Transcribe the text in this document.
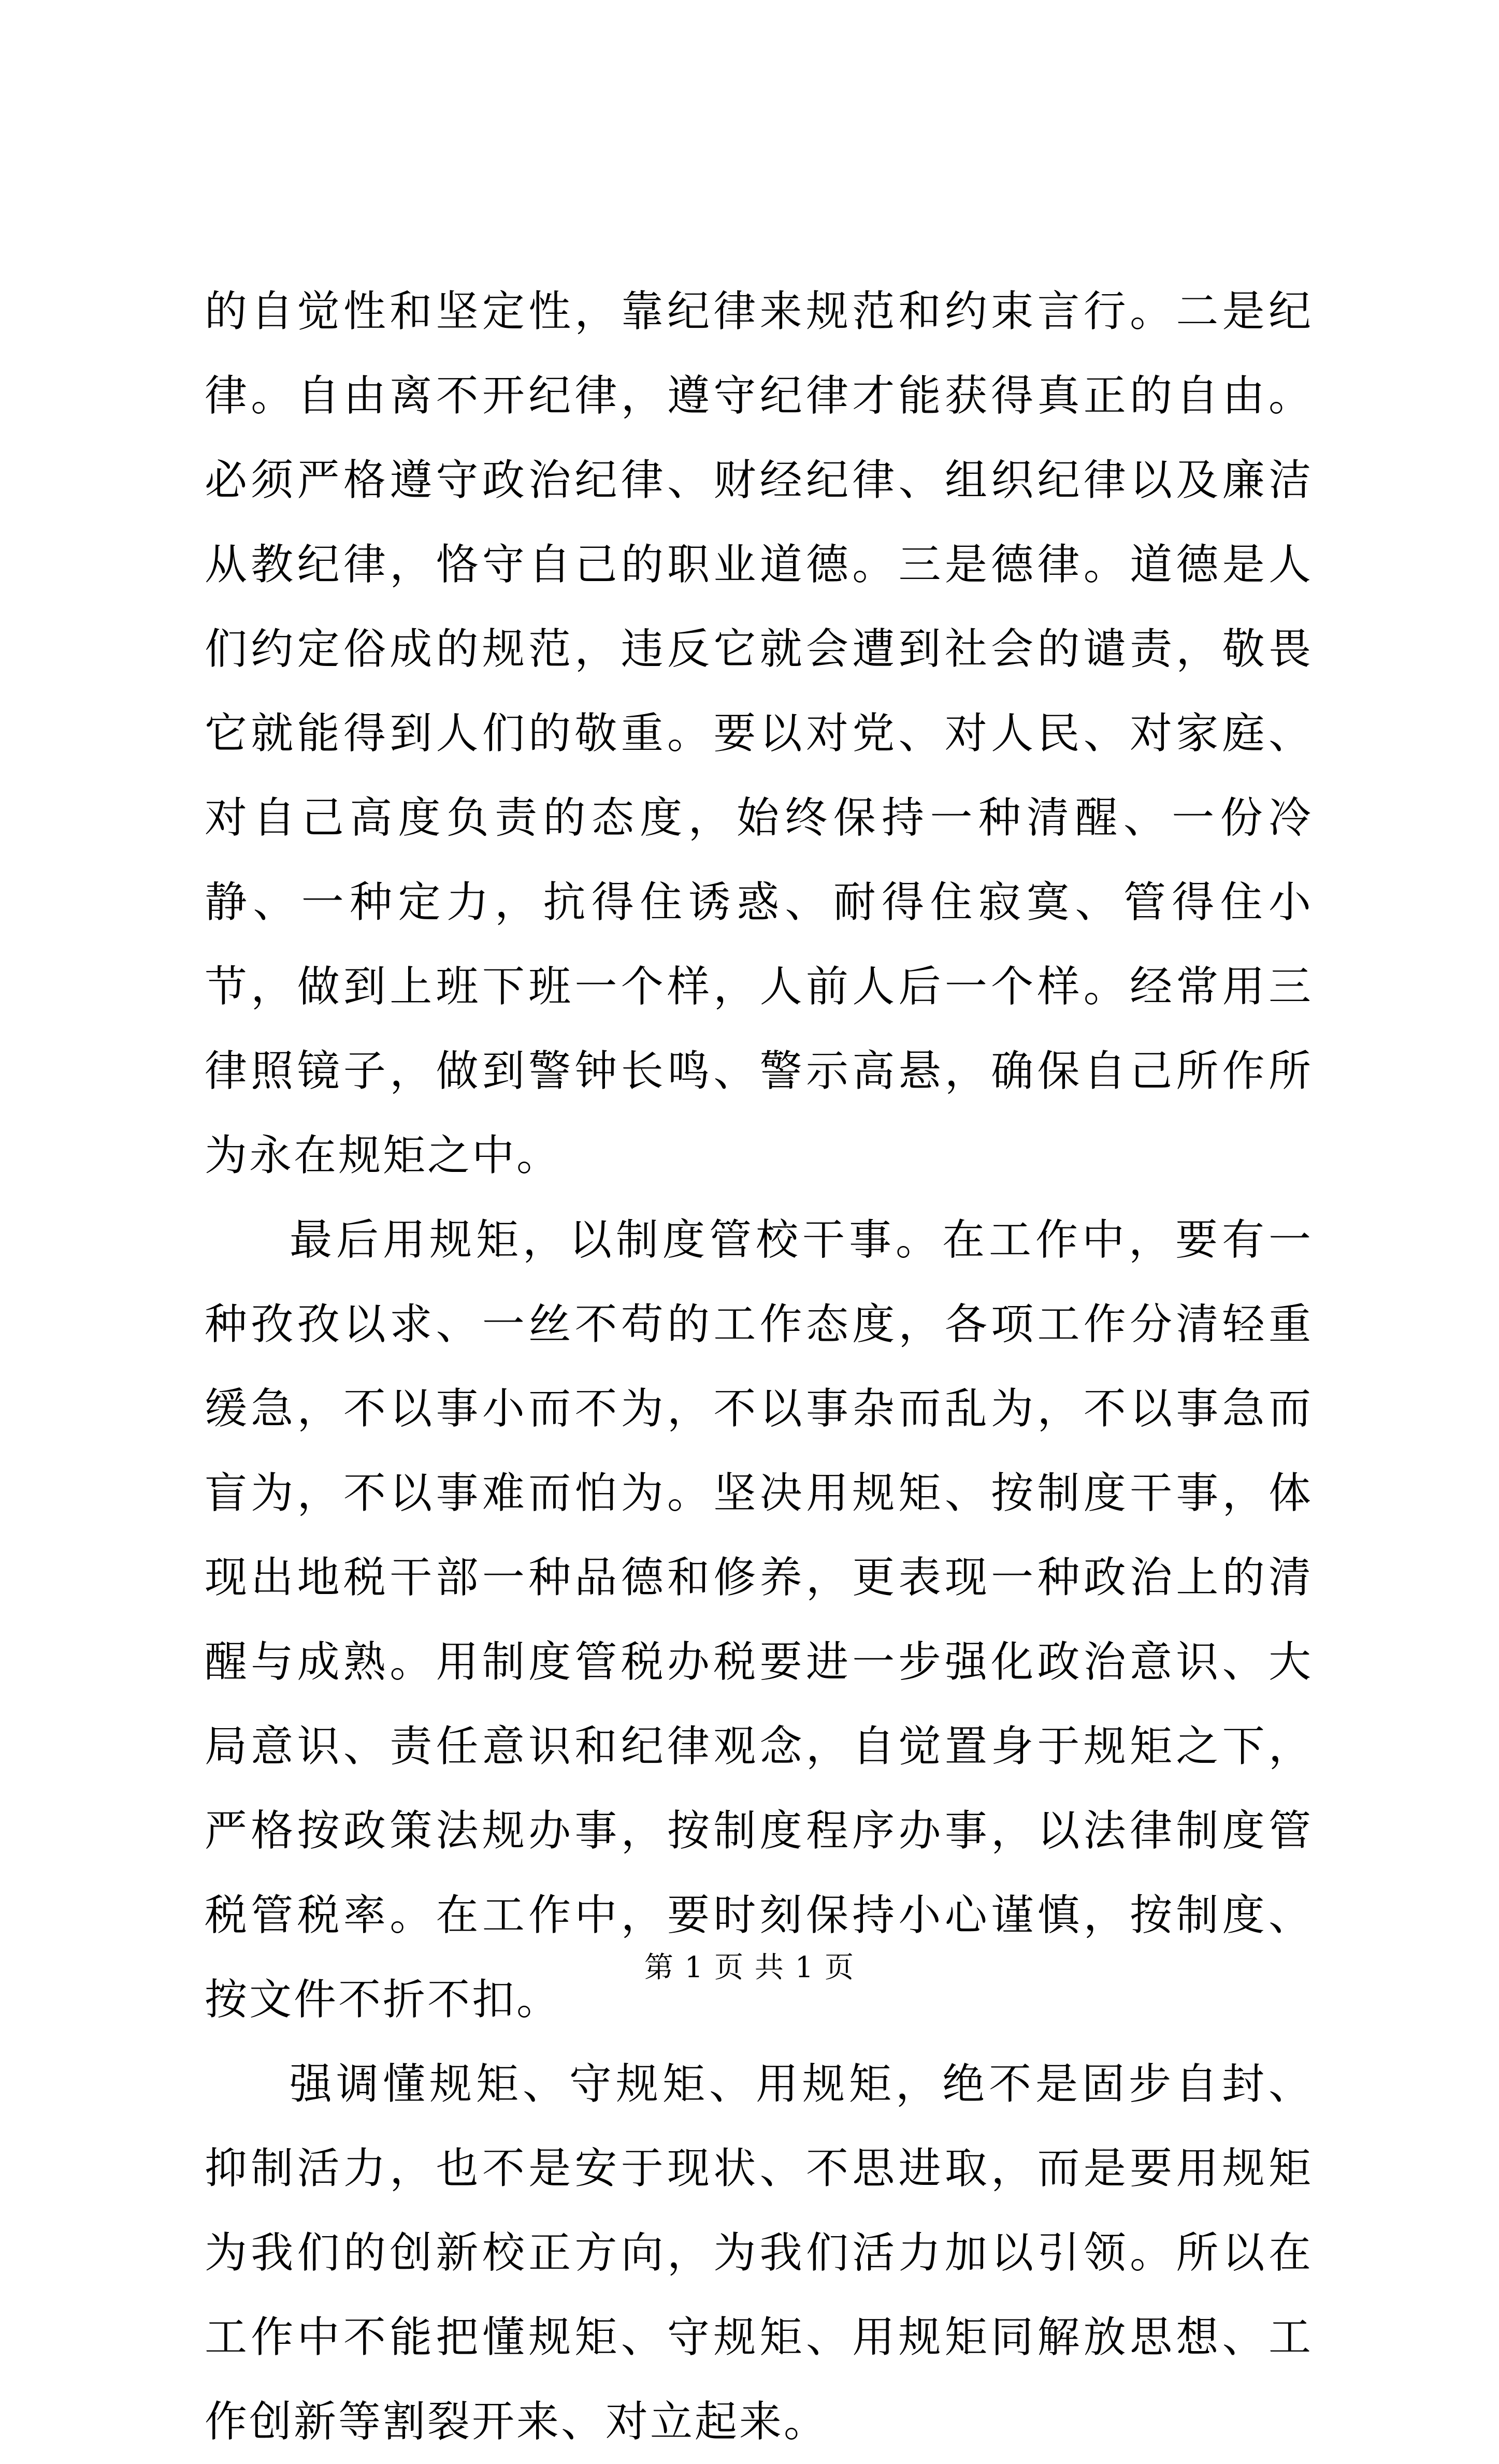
的自觉性和坚定性，靠纪律来规范和约束言行。二是纪律。自由离不开纪律，遵守纪律才能获得真正的自由。必须严格遵守政治纪律、财经纪律、组织纪律以及廉洁从教纪律，恪守自己的职业道德。三是德律。道德是人们约定俗成的规范，违反它就会遭到社会的谴责，敬畏它就能得到人们的敬重。要以对党、对人民、对家庭、对自己高度负责的态度，始终保持一种清醒、一份冷静、一种定力，抗得住诱惑、耐得住寂寞、管得住小节，做到上班下班一个样，人前人后一个样。经常用三律照镜子，做到警钟长鸣、警示高悬，确保自己所作所为永在规矩之中。

最后用规矩，以制度管校干事。在工作中，要有一种孜孜以求、一丝不苟的工作态度，各项工作分清轻重缓急，不以事小而不为，不以事杂而乱为，不以事急而盲为，不以事难而怕为。坚决用规矩、按制度干事，体现出地税干部一种品德和修养，更表现一种政治上的清醒与成熟。用制度管税办税要进一步强化政治意识、大局意识、责任意识和纪律观念，自觉置身于规矩之下，严格按政策法规办事，按制度程序办事，以法律制度管税管税率。在工作中，要时刻保持小心谨慎，按制度、按文件不折不扣。

强调懂规矩、守规矩、用规矩，绝不是固步自封、抑制活力，也不是安于现状、不思进取，而是要用规矩为我们的创新校正方向，为我们活力加以引领。所以在工作中不能把懂规矩、守规矩、用规矩同解放思想、工作创新等割裂开来、对立起来。

第 1 页 共 1 页
